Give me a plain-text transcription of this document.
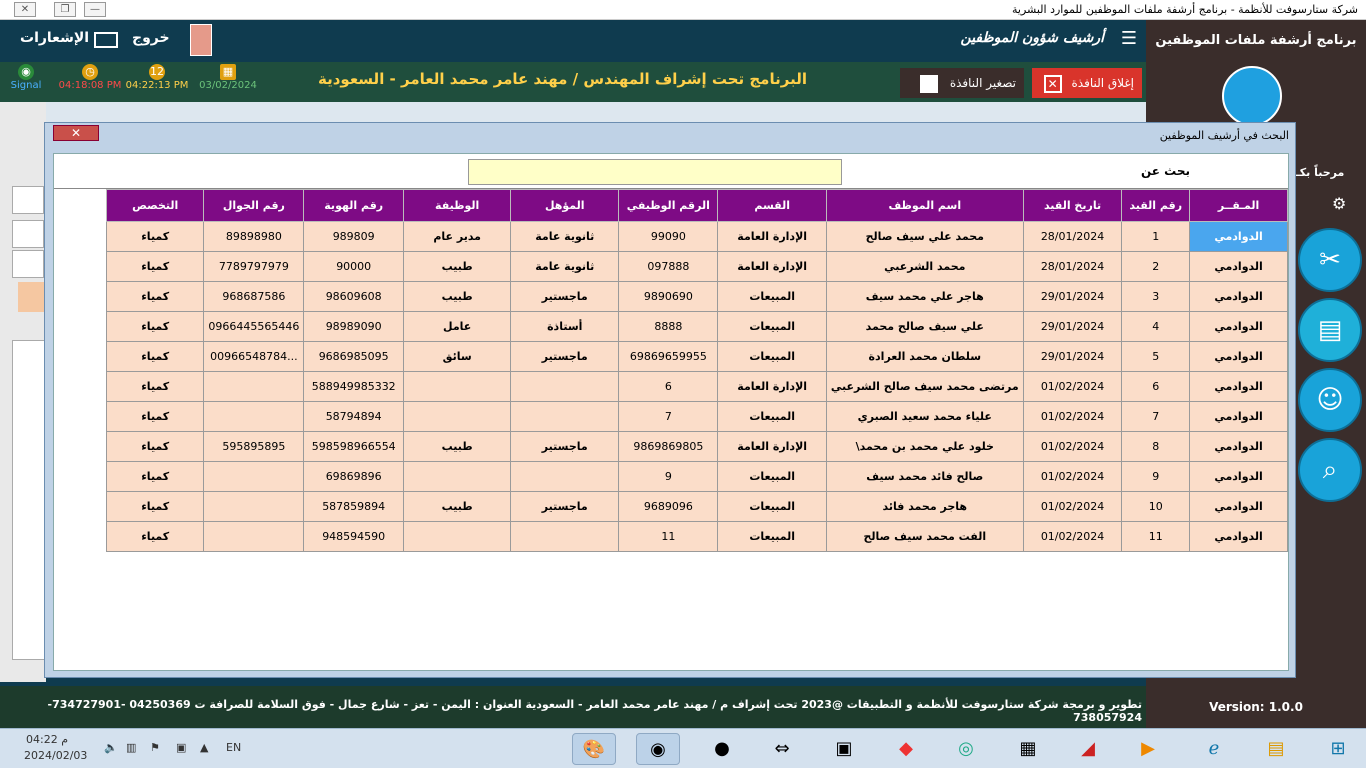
✕	❐	—	شركة ستارسوفت للأنظمة - برنامج أرشفة ملفات الموظفين للموارد البشرية
برنامج أرشفة ملفات الموظفين
☰
أرشيف شؤون الموظفين
خروج
الإشعارات
◉
Signal
◷
04:18:08 PM
12
04:22:13 PM
▦
03/02/2024	البرنامج تحت إشراف المهندس / مهند عامر محمد العامر - السعودية	تصغير النافذة	إغلاق النافذة ✕
مرحباً بكـ
⚙
✂
▤
☺
⌕
✕	البحث في أرشيف الموظفين
بحث عن
المـقــر	رقم القيد	تاريخ القيد	اسم الموظف	القسم	الرقم الوظيفي	المؤهل	الوظيفة	رقم الهوية	رقم الجوال	التخصص
الدوادمي	1	28/01/2024	محمد علي سيف صالح	الإدارة العامة	99090	ثانوية عامة	مدير عام	989809	89898980	كمياء
الدوادمي	2	28/01/2024	محمد الشرعبي	الإدارة العامة	097888	ثانوية عامة	طبيب	90000	7789797979	كمياء
الدوادمي	3	29/01/2024	هاجر علي محمد سيف	المبيعات	9890690	ماجستير	طبيب	98609608	968687586	كمياء
الدوادمي	4	29/01/2024	علي سيف صالح محمد	المبيعات	8888	أستاذة	عامل	98989090	0966445565446	كمياء
الدوادمي	5	29/01/2024	سلطان محمد العرادة	المبيعات	69869659955	ماجستير	سائق	9686985095	...00966548784	كمياء
الدوادمي	6	01/02/2024	مرتضى محمد سيف صالح الشرعبي	الإدارة العامة	6			588949985332		كمياء
الدوادمي	7	01/02/2024	علياء محمد سعيد الصبري	المبيعات	7			58794894		كمياء
الدوادمي	8	01/02/2024	خلود علي محمد بن محمد\	الإدارة العامة	9869869805	ماجستير	طبيب	598598966554	595895895	كمياء
الدوادمي	9	01/02/2024	صالح فائد محمد سيف	المبيعات	9			69869896		كمياء
الدوادمي	10	01/02/2024	هاجر محمد فائد	المبيعات	9689096	ماجستير	طبيب	587859894		كمياء
الدوادمي	11	01/02/2024	الفت محمد سيف صالح	المبيعات	11			948594590		كمياء
تطوير و برمجة شركة ستارسوفت للأنظمة و التطبيقات @2023 تحت إشراف م / مهند عامر محمد العامر - السعودية العنوان : اليمن - تعز - شارع جمال - فوق السلامة للصرافة ت 04250369 -734727901- 738057924
Version: 1.0.0
04:22 م
2024/02/03
🔈 ▥ ⚑ ▣ ▲ EN	🎨	◉	●	⇔	▣	◆	◎	▦	◢	▶	ℯ	▤	⊞
